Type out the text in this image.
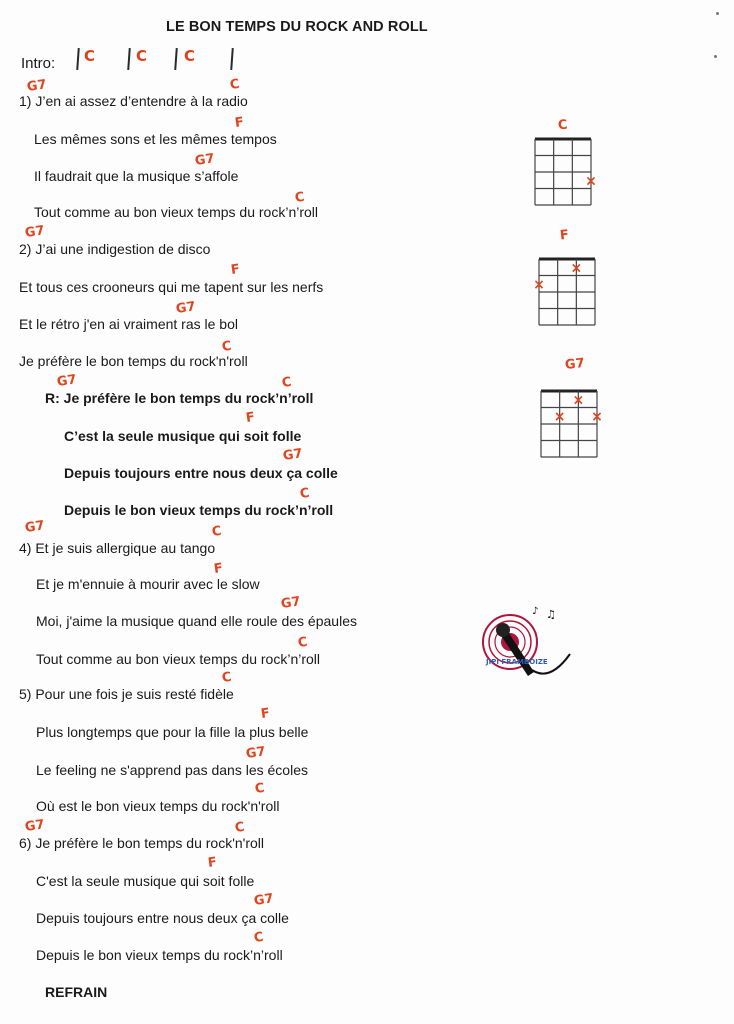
LE BON TEMPS DU ROCK AND ROLL
Intro: C	C C
1) J’en ai assez d’entendre à la radio
Les mêmes sons et les mêmes tempos
Il faudrait que la musique s’affole
Tout comme au bon vieux temps du rock’n’roll
2) J’ai une indigestion de disco
Et tous ces crooneurs qui me tapent sur les nerfs
Et le rétro j'en ai vraiment ras le bol
Je préfère le bon temps du rock'n'roll
R: Je préfère le bon temps du rock’n’roll
C’est la seule musique qui soit folle
Depuis toujours entre nous deux ça colle
Depuis le bon vieux temps du rock’n’roll
4) Et je suis allergique au tango
Et je m'ennuie à mourir avec le slow
Moi, j'aime la musique quand elle roule des épaules
Tout comme au bon vieux temps du rock’n’roll
5) Pour une fois je suis resté fidèle
Plus longtemps que pour la fille la plus belle
Le feeling ne s'apprend pas dans les écoles
Où est le bon vieux temps du rock'n'roll
6) Je préfère le bon temps du rock'n'roll
C'est la seule musique qui soit folle
Depuis toujours entre nous deux ça colle
Depuis le bon vieux temps du rock’n’roll
REFRAIN
G7	C
F
G7
C
G7
F
G7
C
G7	C
F
G7
C
G7	C
F
G7
C
C
F
G7
C
G7	C
F
G7
C
C
×
F
×
×
G7
×
×
×
♪ ♫
JIPI FRAMBOIZE
